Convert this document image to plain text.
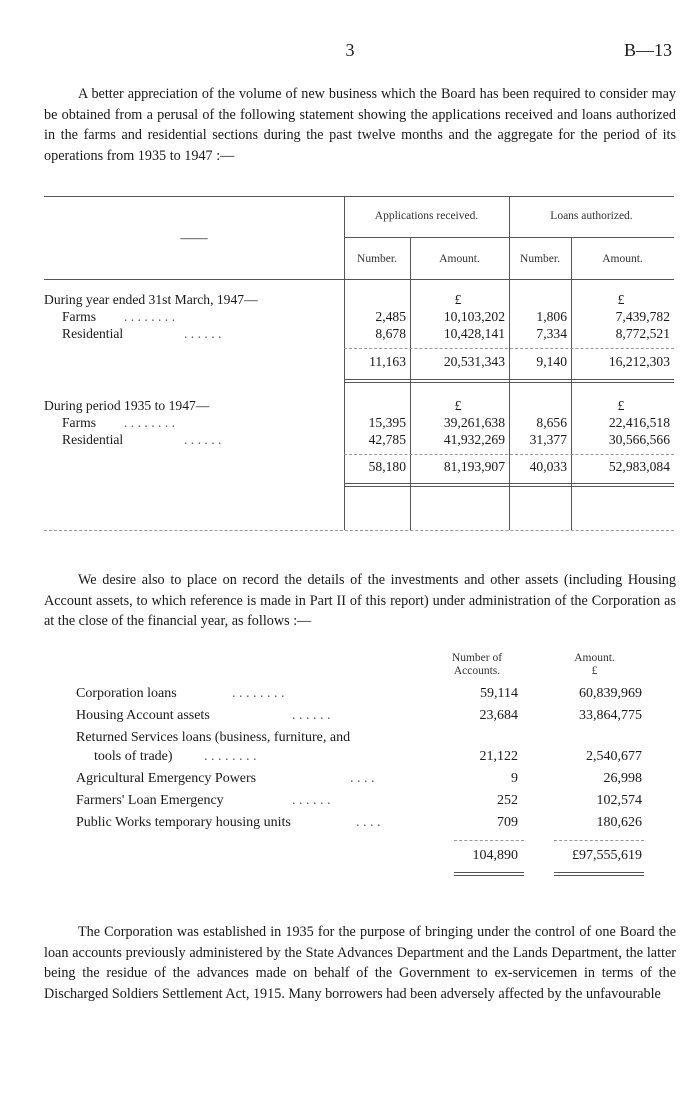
3	B—13

A better appreciation of the volume of new business which the Board has been required to consider may be obtained from a perusal of the following statement showing the applications received and loans authorized in the farms and residential sections during the past twelve months and the aggregate for the period of its operations from 1935 to 1947 :—

——
Applications received.	Loans authorized.
Number.	Amount.	Number.	Amount.
During year ended 31st March, 1947—	£	£
Farms . . . . . . . .	2,485	10,103,202	1,806	7,439,782
Residential	. . . . . .	8,678	10,428,141	7,334	8,772,521
11,163	20,531,343	9,140	16,212,303
During period 1935 to 1947—	£	£
Farms . . . . . . . .	15,395	39,261,638	8,656	22,416,518
Residential	. . . . . .	42,785	41,932,269	31,377	30,566,566
58,180	81,193,907	40,033	52,983,084

We desire also to place on record the details of the investments and other assets (including Housing Account assets, to which reference is made in Part II of this report) under administration of the Corporation as at the close of the financial year, as follows :—

Number of
Accounts.
Amount.
£
Corporation loans	. . . . . . . .	59,114	60,839,969
Housing Account assets	. . . . . .	23,684	33,864,775
Returned Services loans (business, furniture, and
tools of trade) . . . . . . . .	21,122	2,540,677
Agricultural Emergency Powers	. . . .	9	26,998
Farmers' Loan Emergency	. . . . . .	252	102,574
Public Works temporary housing units	. . . .	709	180,626
104,890	£97,555,619

The Corporation was established in 1935 for the purpose of bringing under the control of one Board the loan accounts previously administered by the State Advances Department and the Lands Department, the latter being the residue of the advances made on behalf of the Government to ex-servicemen in terms of the Discharged Soldiers Settlement Act, 1915. Many borrowers had been adversely affected by the unfavourable
